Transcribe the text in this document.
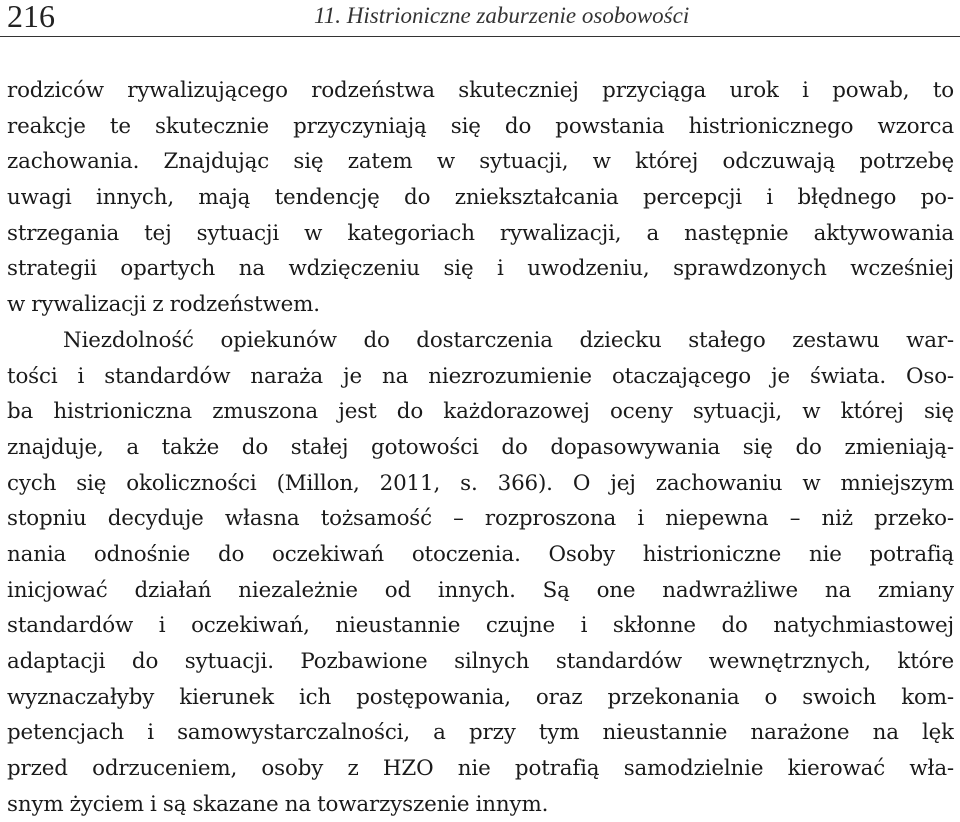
216	11. Histrioniczne zaburzenie osobowości
rodziców rywalizującego rodzeństwa skuteczniej przyciąga urok i powab, to
reakcje te skutecznie przyczyniają się do powstania histrionicznego wzorca
zachowania. Znajdując się zatem w sytuacji, w której odczuwają potrzebę
uwagi innych, mają tendencję do zniekształcania percepcji i błędnego po-
strzegania tej sytuacji w kategoriach rywalizacji, a następnie aktywowania
strategii opartych na wdzięczeniu się i uwodzeniu, sprawdzonych wcześniej
w rywalizacji z rodzeństwem.
Niezdolność opiekunów do dostarczenia dziecku stałego zestawu war-
tości i standardów naraża je na niezrozumienie otaczającego je świata. Oso-
ba histrioniczna zmuszona jest do każdorazowej oceny sytuacji, w której się
znajduje, a także do stałej gotowości do dopasowywania się do zmieniają-
cych się okoliczności (Millon, 2011, s. 366). O jej zachowaniu w mniejszym
stopniu decyduje własna tożsamość – rozproszona i niepewna – niż przeko-
nania odnośnie do oczekiwań otoczenia. Osoby histrioniczne nie potrafią
inicjować działań niezależnie od innych. Są one nadwrażliwe na zmiany
standardów i oczekiwań, nieustannie czujne i skłonne do natychmiastowej
adaptacji do sytuacji. Pozbawione silnych standardów wewnętrznych, które
wyznaczałyby kierunek ich postępowania, oraz przekonania o swoich kom-
petencjach i samowystarczalności, a przy tym nieustannie narażone na lęk
przed odrzuceniem, osoby z HZO nie potrafią samodzielnie kierować wła-
snym życiem i są skazane na towarzyszenie innym.
